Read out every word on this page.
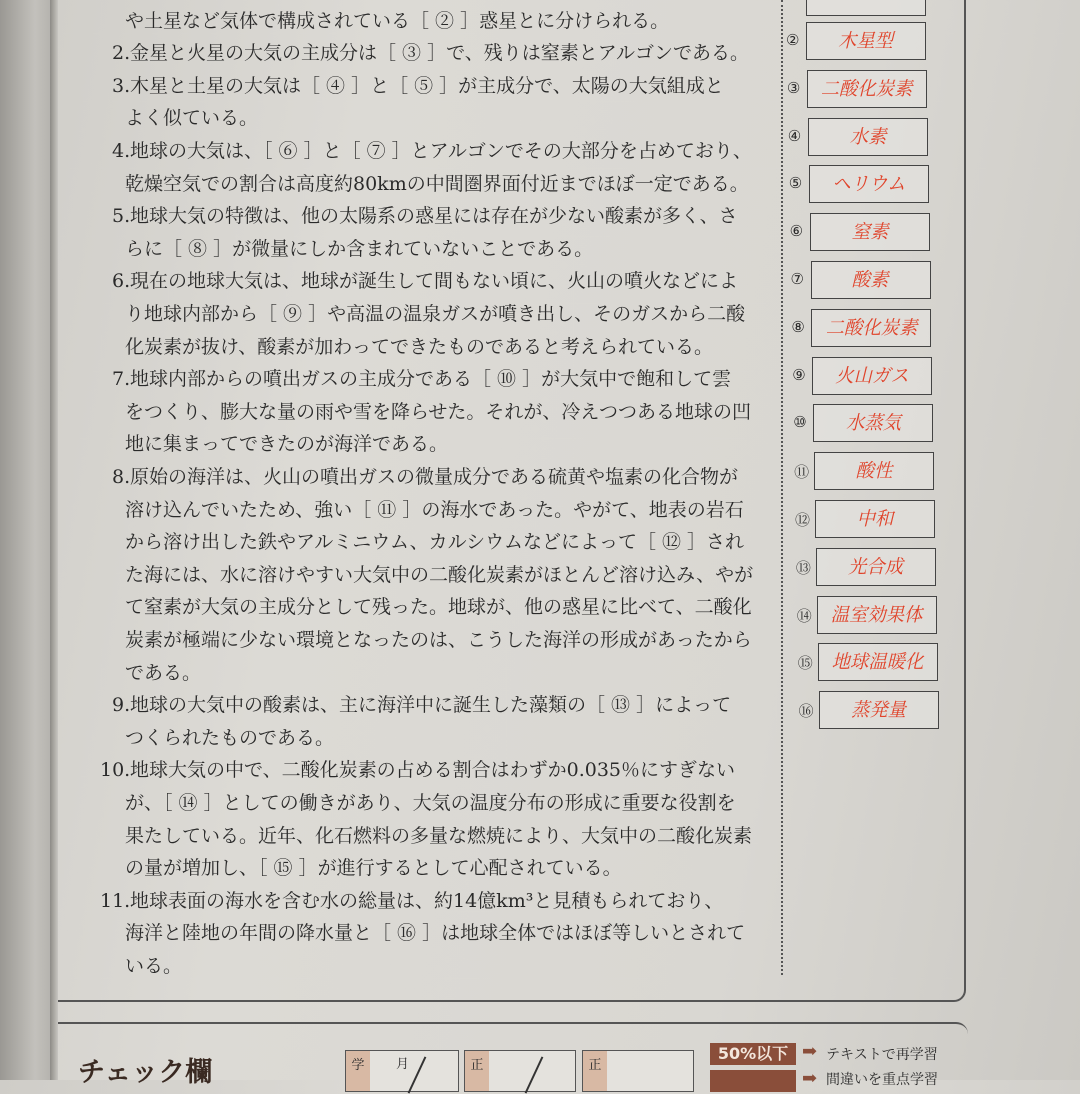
や土星など気体で構成されている［ ② ］惑星とに分けられる。
2.金星と火星の大気の主成分は［ ③ ］で、残りは窒素とアルゴンである。
3.木星と土星の大気は［ ④ ］と［ ⑤ ］が主成分で、太陽の大気組成と
よく似ている。
4.地球の大気は、［ ⑥ ］と［ ⑦ ］とアルゴンでその大部分を占めており、
乾燥空気での割合は高度約80kmの中間圏界面付近までほぼ一定である。
5.地球大気の特徴は、他の太陽系の惑星には存在が少ない酸素が多く、さ
らに［ ⑧ ］が微量にしか含まれていないことである。
6.現在の地球大気は、地球が誕生して間もない頃に、火山の噴火などによ
り地球内部から［ ⑨ ］や高温の温泉ガスが噴き出し、そのガスから二酸
化炭素が抜け、酸素が加わってできたものであると考えられている。
7.地球内部からの噴出ガスの主成分である［ ⑩ ］が大気中で飽和して雲
をつくり、膨大な量の雨や雪を降らせた。それが、冷えつつある地球の凹
地に集まってできたのが海洋である。
8.原始の海洋は、火山の噴出ガスの微量成分である硫黄や塩素の化合物が
溶け込んでいたため、強い［ ⑪ ］の海水であった。やがて、地表の岩石
から溶け出した鉄やアルミニウム、カルシウムなどによって［ ⑫ ］され
た海には、水に溶けやすい大気中の二酸化炭素がほとんど溶け込み、やが
て窒素が大気の主成分として残った。地球が、他の惑星に比べて、二酸化
炭素が極端に少ない環境となったのは、こうした海洋の形成があったから
である。
9.地球の大気中の酸素は、主に海洋中に誕生した藻類の［ ⑬ ］によって
つくられたものである。
10.地球大気の中で、二酸化炭素の占める割合はわずか0.035％にすぎない
が、［ ⑭ ］としての働きがあり、大気の温度分布の形成に重要な役割を
果たしている。近年、化石燃料の多量な燃焼により、大気中の二酸化炭素
の量が増加し、［ ⑮ ］が進行するとして心配されている。
11.地球表面の海水を含む水の総量は、約14億km³と見積もられており、
海洋と陸地の年間の降水量と［ ⑯ ］は地球全体ではほぼ等しいとされて
いる。
②	木星型
③	二酸化炭素
④	水素
⑤	ヘリウム
⑥	窒素
⑦	酸素
⑧	二酸化炭素
⑨	火山ガス
⑩	水蒸気
⑪	酸性
⑫	中和
⑬	光合成
⑭	温室効果体
⑮	地球温暖化
⑯	蒸発量
チェック欄	学	月	正	正
50%以下 ➡ テキストで再学習
➡ 間違いを重点学習
